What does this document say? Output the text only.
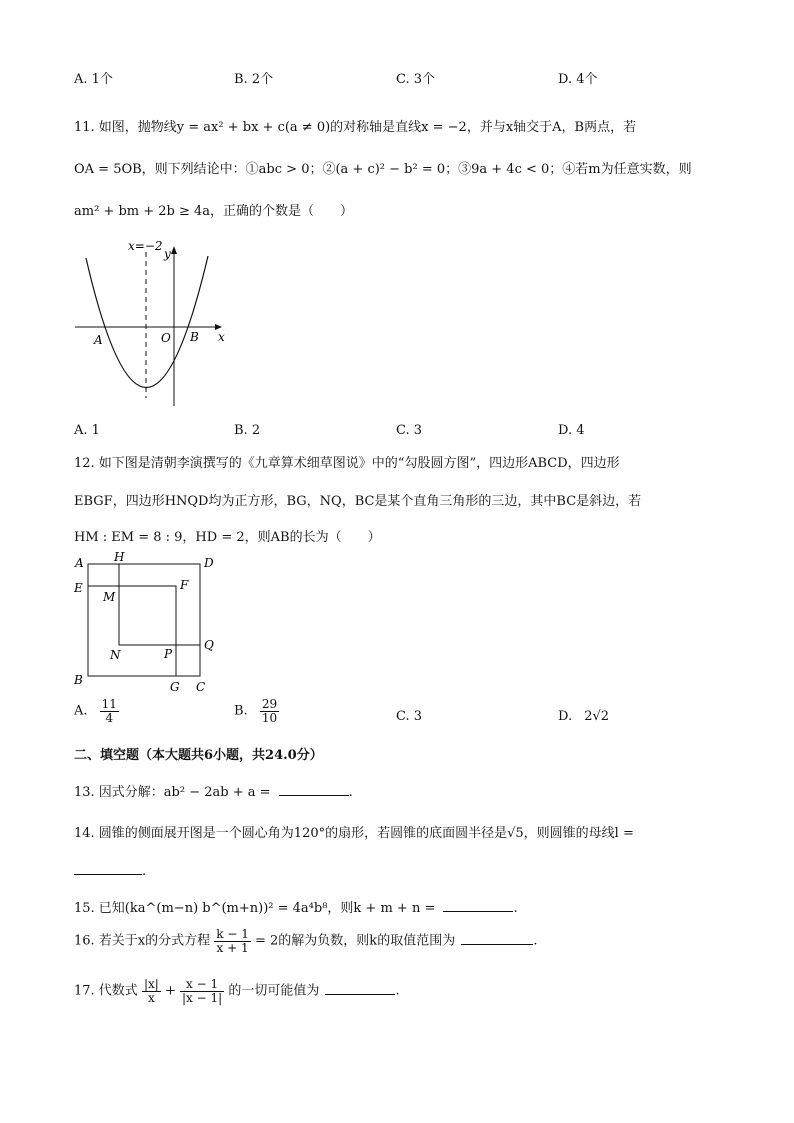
A. 1个	B. 2个	C. 3个	D. 4个
11. 如图，抛物线y = ax² + bx + c(a ≠ 0)的对称轴是直线x = −2，并与x轴交于A，B两点，若
OA = 5OB，则下列结论中：①abc > 0；②(a + c)² − b² = 0；③9a + 4c < 0；④若m为任意实数，则
am² + bm + 2b ≥ 4a，正确的个数是（　　）
x=−2
y
x
O
A	B
A. 1	B. 2	C. 3	D. 4
12. 如下图是清朝李演撰写的《九章算术细草图说》中的“勾股圆方图”，四边形ABCD，四边形
EBGF，四边形HNQD均为正方形，BG，NQ，BC是某个直角三角形的三边，其中BC是斜边，若
HM : EM = 8 : 9，HD = 2，则AB的长为（　　）
A	H	D
E
M
F
Q
N	P
B	G C
A. $\frac{11}{4}$	B. $\frac{29}{10}$	C. 3	D. 2√2
二、填空题（本大题共6小题，共24.0分）
13. 因式分解：ab² − 2ab + a =	.
14. 圆锥的侧面展开图是一个圆心角为120°的扇形，若圆锥的底面圆半径是√5，则圆锥的母线l =
.
15. 已知(ka^(m−n) b^(m+n))² = 4a⁴b⁸，则k + m + n =	.
16. 若关于x的分式方程 $\frac{k - 1}{x + 1} = 2$的解为负数，则k的取值范围为	.
17. 代数式 $\frac{|x|}{x} + \frac{x - 1}{|x - 1|}$ 的一切可能值为	.
